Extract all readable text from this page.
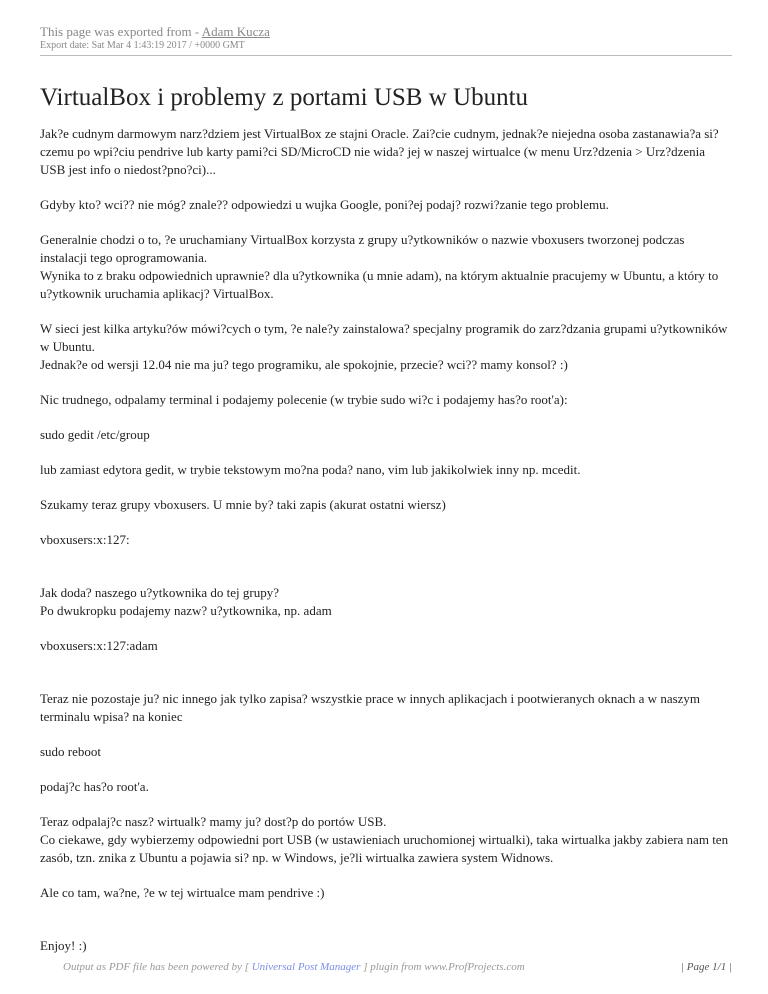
This page was exported from - Adam Kucza
Export date: Sat Mar 4 1:43:19 2017 / +0000 GMT
VirtualBox i problemy z portami USB w Ubuntu

Jak?e cudnym darmowym narz?dziem jest VirtualBox ze stajni Oracle. Zai?cie cudnym, jednak?e niejedna osoba zastanawia?a si? czemu po wpi?ciu pendrive lub karty pami?ci SD/MicroCD nie wida? jej w naszej wirtualce (w menu Urz?dzenia > Urz?dzenia USB jest info o niedost?pno?ci)...

Gdyby kto? wci?? nie móg? znale?? odpowiedzi u wujka Google, poni?ej podaj? rozwi?zanie tego problemu.

Generalnie chodzi o to, ?e uruchamiany VirtualBox korzysta z grupy u?ytkowników o nazwie vboxusers tworzonej podczas instalacji tego oprogramowania.

Wynika to z braku odpowiednich uprawnie? dla u?ytkownika (u mnie adam), na którym aktualnie pracujemy w Ubuntu, a który to u?ytkownik uruchamia aplikacj? VirtualBox.

W sieci jest kilka artyku?ów mówi?cych o tym, ?e nale?y zainstalowa? specjalny programik do zarz?dzania grupami u?ytkowników w Ubuntu.

Jednak?e od wersji 12.04 nie ma ju? tego programiku, ale spokojnie, przecie? wci?? mamy konsol? :)

Nic trudnego, odpalamy terminal i podajemy polecenie (w trybie sudo wi?c i podajemy has?o root'a):

sudo gedit /etc/group

lub zamiast edytora gedit, w trybie tekstowym mo?na poda? nano, vim lub jakikolwiek inny np. mcedit.

Szukamy teraz grupy vboxusers. U mnie by? taki zapis (akurat ostatni wiersz)

vboxusers:x:127:

Jak doda? naszego u?ytkownika do tej grupy?

Po dwukropku podajemy nazw? u?ytkownika, np. adam

vboxusers:x:127:adam

Teraz nie pozostaje ju? nic innego jak tylko zapisa? wszystkie prace w innych aplikacjach i pootwieranych oknach a w naszym terminalu wpisa? na koniec

sudo reboot

podaj?c has?o root'a.

Teraz odpalaj?c nasz? wirtualk? mamy ju? dost?p do portów USB.

Co ciekawe, gdy wybierzemy odpowiedni port USB (w ustawieniach uruchomionej wirtualki), taka wirtualka jakby zabiera nam ten zasób, tzn. znika z Ubuntu a pojawia si? np. w Windows, je?li wirtualka zawiera system Widnows.

Ale co tam, wa?ne, ?e w tej wirtualce mam pendrive :)

Enjoy! :)

Output as PDF file has been powered by [ Universal Post Manager ] plugin from www.ProfProjects.com	| Page 1/1 |
